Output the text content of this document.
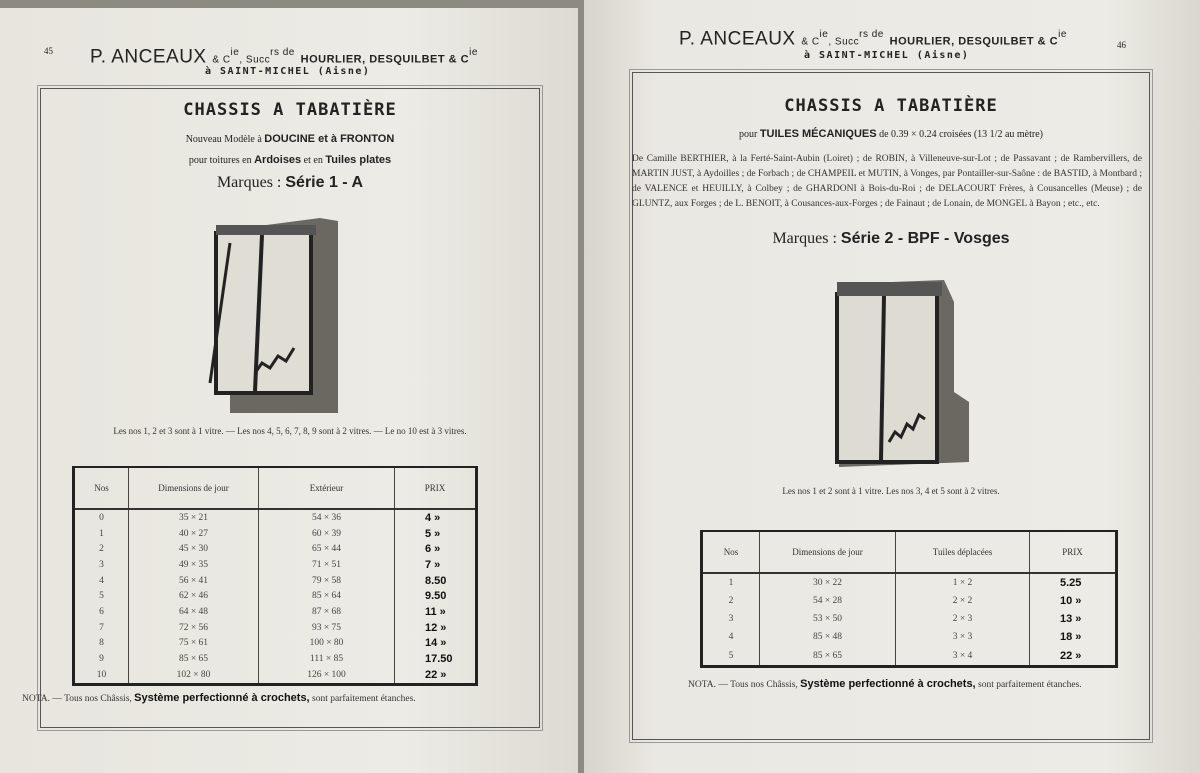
45 P. ANCEAUX & $C^{ie}$, Succ$^{rs de}$ HOURLIER, DESQUILBET & $C^{ie}$
à SAINT-MICHEL (Aisne)
CHASSIS A TABATIÈRE
Nouveau Modèle à DOUCINE et à FRONTON
pour toitures en Ardoises et en Tuiles plates
Marques : Série 1 - A
Les nos 1, 2 et 3 sont à 1 vitre. — Les nos 4, 5, 6, 7, 8, 9 sont à 2 vitres. — Le no 10 est à 3 vitres.
Nos	Dimensions de jour	Extérieur	PRIX
0	35 × 21	54 × 36	4 »
1	40 × 27	60 × 39	5 »
2	45 × 30	65 × 44	6 »
3	49 × 35	71 × 51	7 »
4	56 × 41	79 × 58	8.50
5	62 × 46	85 × 64	9.50
6	64 × 48	87 × 68	11 »
7	72 × 56	93 × 75	12 »
8	75 × 61	100 × 80	14 »
9	85 × 65	111 × 85	17.50
10	102 × 80	126 × 100	22 »
NOTA. — Tous nos Châssis, Système perfectionné à crochets, sont parfaitement étanches.
P. ANCEAUX & $C^{ie}$, Succ$^{rs de}$ HOURLIER, DESQUILBET & $C^{ie}$
46
à SAINT-MICHEL (Aisne)
CHASSIS A TABATIÈRE
pour TUILES MÉCANIQUES de 0.39 × 0.24 croisées (13 1/2 au mètre)
De Camille BERTHIER, à la Ferté-Saint-Aubin (Loiret) ; de ROBIN, à Villeneuve-sur-Lot ; de Passavant ; de Rambervillers, de MARTIN JUST, à Aydoilles ; de Forbach ; de CHAMPEIL et MUTIN, à Vonges, par Pontailler-sur-Saône : de BASTID, à Montbard ; de VALENCE et HEUILLY, à Colbey ; de GHARDONI à Bois-du-Roi ; de DELACOURT Frères, à Cousancelles (Meuse) ; de GLUNTZ, aux Forges ; de L. BENOIT, à Cousances-aux-Forges ; de Fainaut ; de Lonain, de MONGEL à Bayon ; etc., etc.
Marques : Série 2 - BPF - Vosges
Les nos 1 et 2 sont à 1 vitre. Les nos 3, 4 et 5 sont à 2 vitres.
Nos	Dimensions de jour	Tuiles déplacées	PRIX
1	30 × 22	1 × 2	5.25
2	54 × 28	2 × 2	10 »
3	53 × 50	2 × 3	13 »
4	85 × 48	3 × 3	18 »
5	85 × 65	3 × 4	22 »
NOTA. — Tous nos Châssis, Système perfectionné à crochets, sont parfaitement étanches.
